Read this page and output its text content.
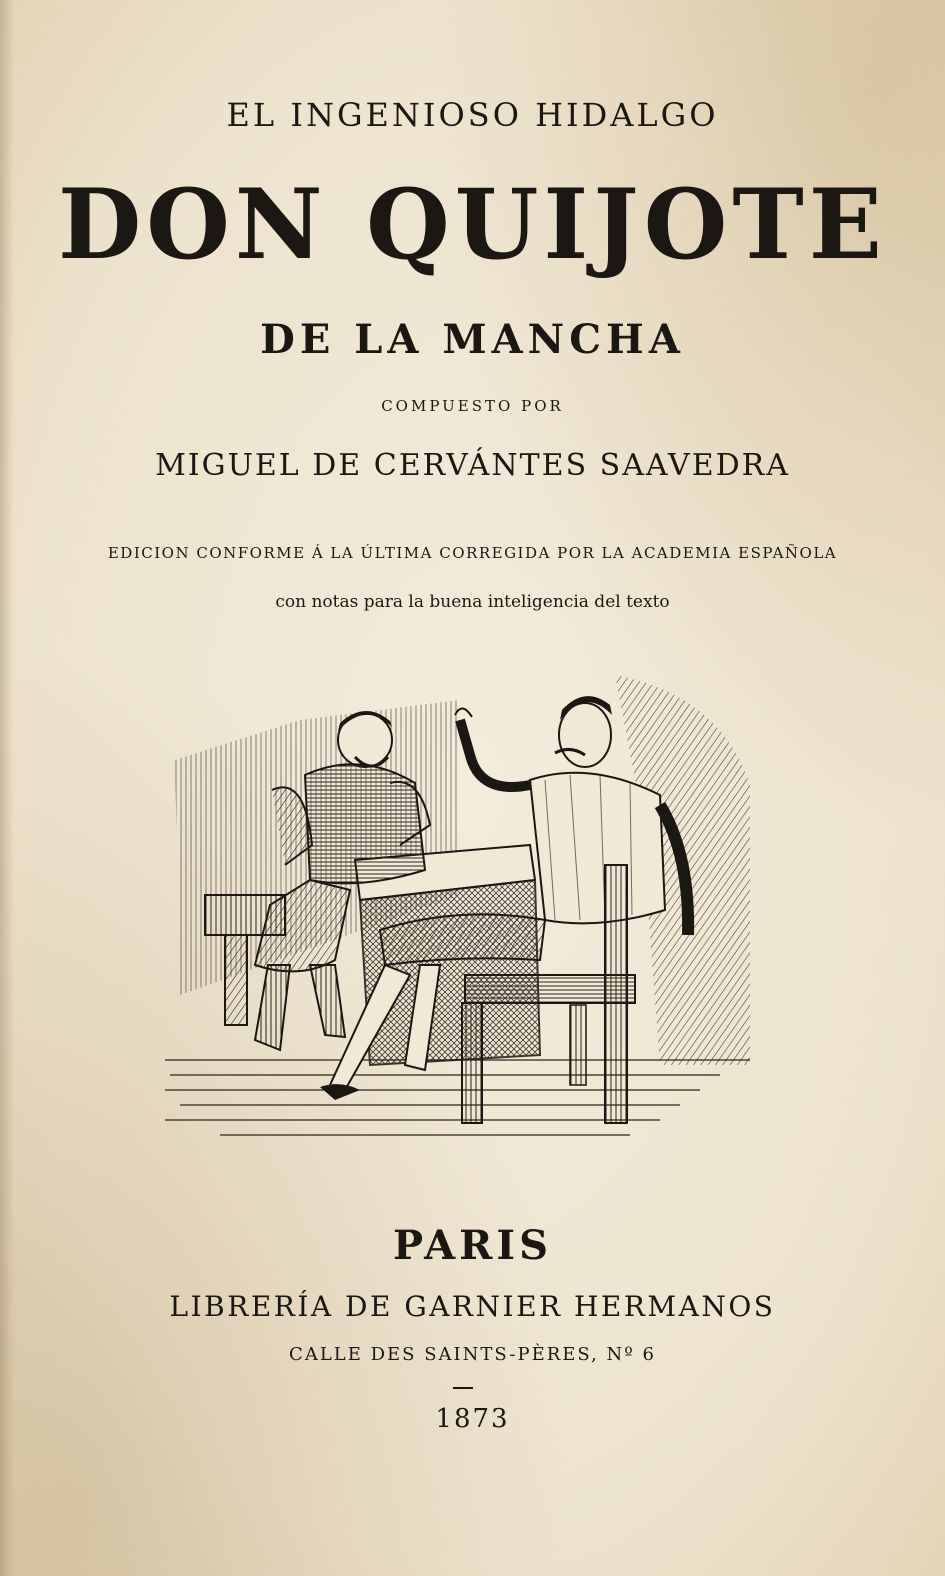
EL INGENIOSO HIDALGO
DON QUIJOTE
DE LA MANCHA
COMPUESTO POR
MIGUEL DE CERVÁNTES SAAVEDRA
EDICION CONFORME Á LA ÚLTIMA CORREGIDA POR LA ACADEMIA ESPAÑOLA
con notas para la buena inteligencia del texto
PARIS
LIBRERÍA DE GARNIER HERMANOS
CALLE DES SAINTS-PÈRES, Nº 6
1873
